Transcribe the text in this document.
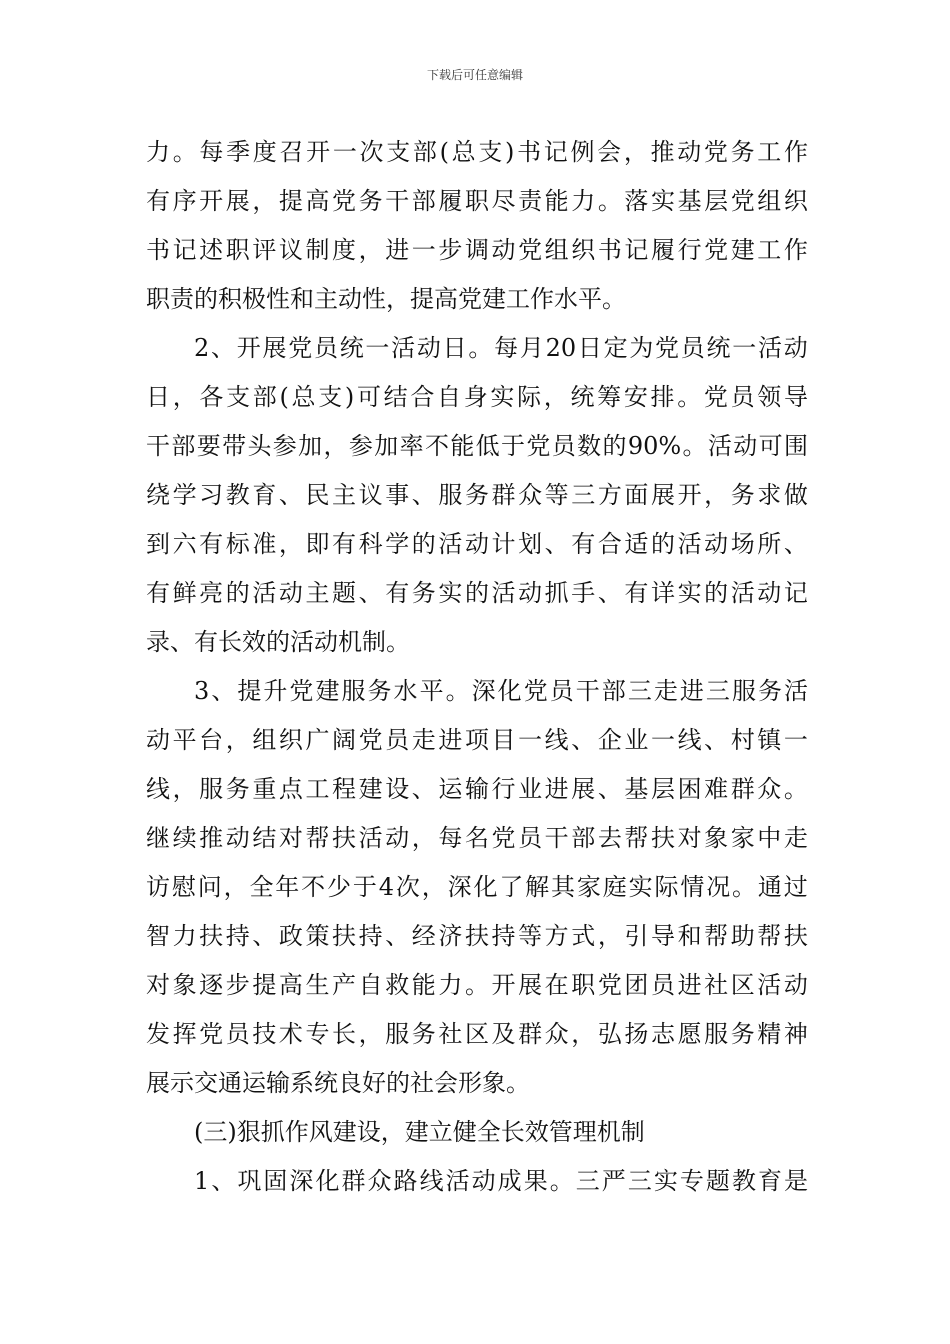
下载后可任意编辑
力 。 每 季 度 召 开 一 次 支 部 ( 总 支 ) 书 记 例 会 ， 推 动 党 务 工 作
有 序 开 展 ， 提 高 党 务 干 部 履 职 尽 责 能 力 。 落 实 基 层 党 组 织
书 记 述 职 评 议 制 度 ， 进 一 步 调 动 党 组 织 书 记 履 行 党 建 工 作
职责的积极性和主动性，提高党建工作水平。
2 、 开 展 党 员 统 一 活 动 日 。 每 月 20 日 定 为 党 员 统 一 活 动
日 ， 各 支 部 ( 总 支 ) 可 结 合 自 身 实 际 ， 统 筹 安 排 。 党 员 领 导
干 部 要 带 头 参 加 ， 参 加 率 不 能 低 于 党 员 数 的 90% 。 活 动 可 围
绕 学 习 教 育 、 民 主 议 事 、 服 务 群 众 等 三 方 面 展 开 ， 务 求 做
到 六 有 标 准 ， 即 有 科 学 的 活 动 计 划 、 有 合 适 的 活 动 场 所 、
有 鲜 亮 的 活 动 主 题 、 有 务 实 的 活 动 抓 手 、 有 详 实 的 活 动 记
录、有长效的活动机制。
3 、 提 升 党 建 服 务 水 平 。 深 化 党 员 干 部 三 走 进 三 服 务 活
动 平 台 ， 组 织 广 阔 党 员 走 进 项 目 一 线 、 企 业 一 线 、 村 镇 一
线 ， 服 务 重 点 工 程 建 设 、 运 输 行 业 进 展 、 基 层 困 难 群 众 。
继 续 推 动 结 对 帮 扶 活 动 ， 每 名 党 员 干 部 去 帮 扶 对 象 家 中 走
访 慰 问 ， 全 年 不 少 于 4 次 ， 深 化 了 解 其 家 庭 实 际 情 况 。 通 过
智 力 扶 持 、 政 策 扶 持 、 经 济 扶 持 等 方 式 ， 引 导 和 帮 助 帮 扶
对 象 逐 步 提 高 生 产 自 救 能 力 。 开 展 在 职 党 团 员 进 社 区 活 动
发 挥 党 员 技 术 专 长 ， 服 务 社 区 及 群 众 ， 弘 扬 志 愿 服 务 精 神
展示交通运输系统良好的社会形象。
(三)狠抓作风建设，建立健全长效管理机制
1 、 巩 固 深 化 群 众 路 线 活 动 成 果 。 三 严 三 实 专 题 教 育 是
